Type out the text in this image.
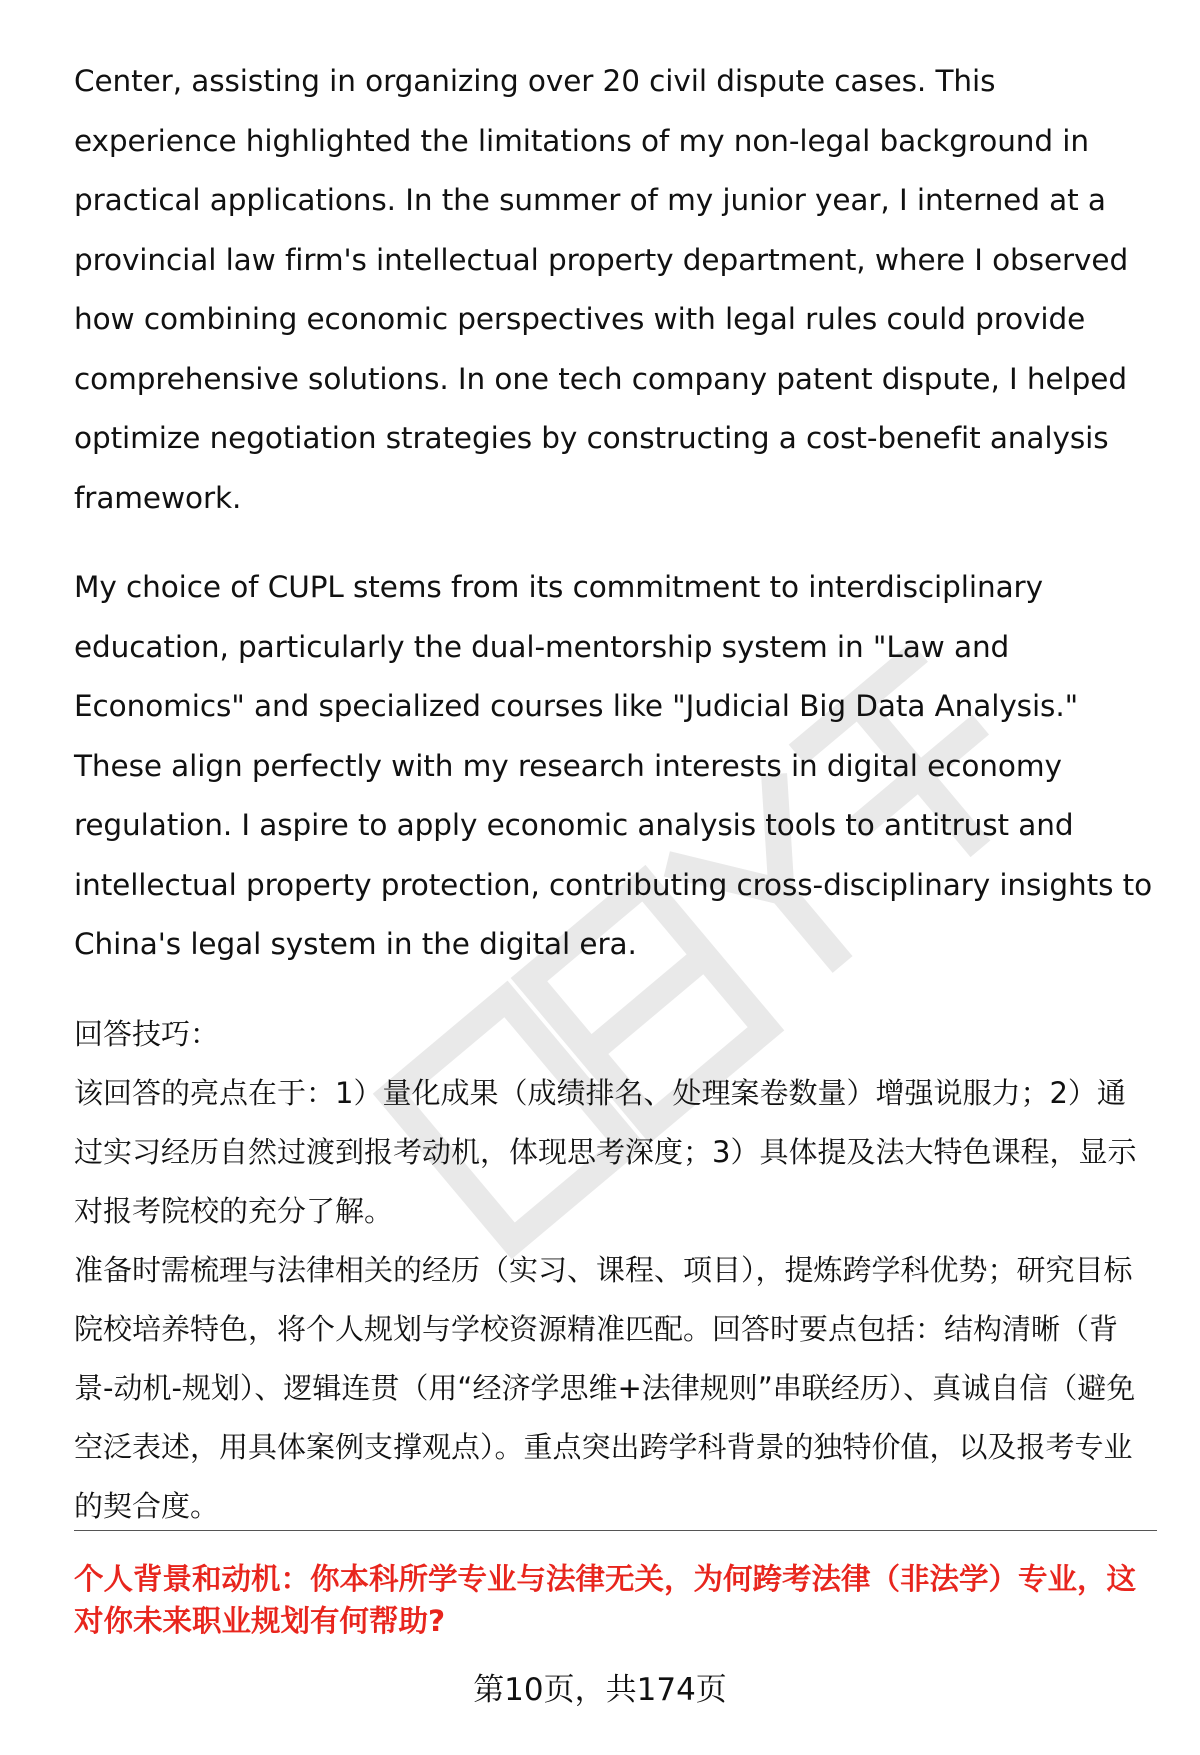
Center, assisting in organizing over 20 civil dispute cases. This experience highlighted the limitations of my non-legal background in practical applications. In the summer of my junior year, I interned at a provincial law firm's intellectual property department, where I observed how combining economic perspectives with legal rules could provide comprehensive solutions. In one tech company patent dispute, I helped optimize negotiation strategies by constructing a cost-benefit analysis framework.

My choice of CUPL stems from its commitment to interdisciplinary education, particularly the dual-mentorship system in "Law and Economics" and specialized courses like "Judicial Big Data Analysis." These align perfectly with my research interests in digital economy regulation. I aspire to apply economic analysis tools to antitrust and intellectual property protection, contributing cross-disciplinary insights to China's legal system in the digital era.

回答技巧：

该回答的亮点在于：1）量化成果（成绩排名、处理案卷数量）增强说服力；2）通过实习经历自然过渡到报考动机，体现思考深度；3）具体提及法大特色课程，显示对报考院校的充分了解。

准备时需梳理与法律相关的经历（实习、课程、项目），提炼跨学科优势；研究目标院校培养特色，将个人规划与学校资源精准匹配。回答时要点包括：结构清晰（背景-动机-规划）、逻辑连贯（用“经济学思维+法律规则”串联经历）、真诚自信（避免空泛表述，用具体案例支撑观点）。重点突出跨学科背景的独特价值，以及报考专业的契合度。

个人背景和动机：你本科所学专业与法律无关，为何跨考法律（非法学）专业，这对你未来职业规划有何帮助?

第10页，共174页
